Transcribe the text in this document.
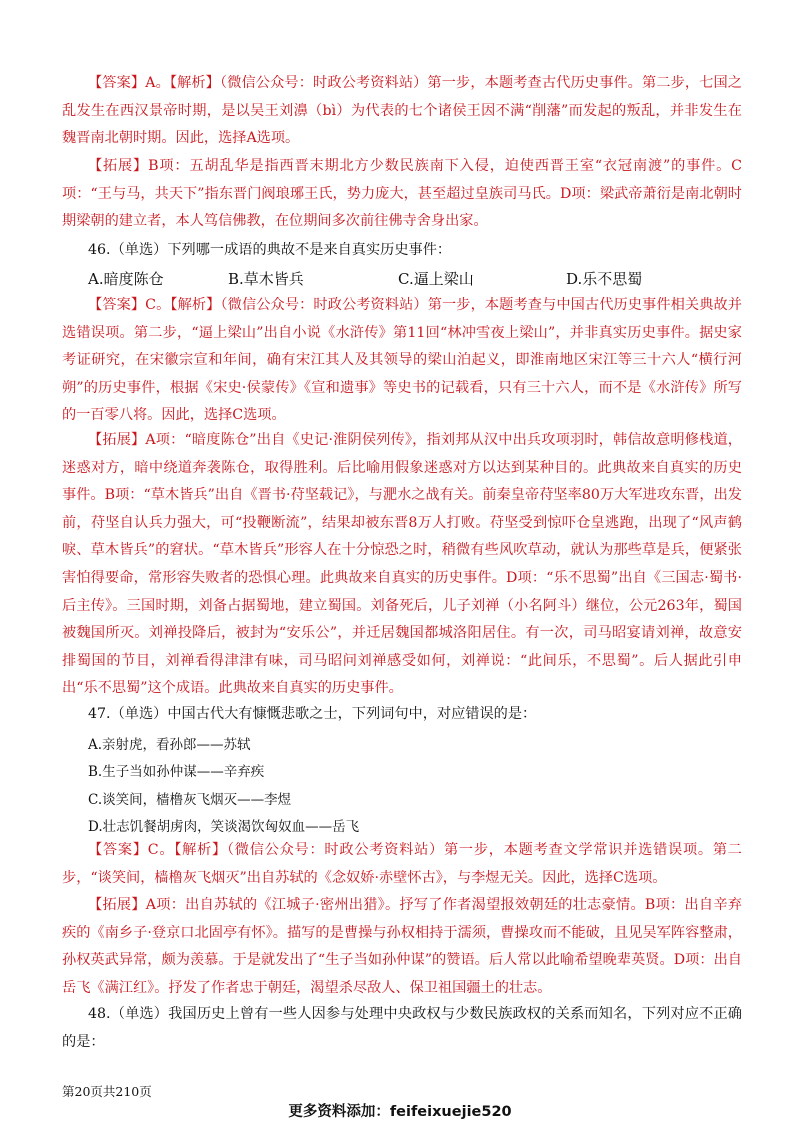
【答案】A。【解析】（微信公众号：时政公考资料站）第一步，本题考查古代历史事件。第二步，七国之乱发生在西汉景帝时期，是以吴王刘濞（bì）为代表的七个诸侯王因不满“削藩”而发起的叛乱，并非发生在魏晋南北朝时期。因此，选择A选项。

【拓展】B项：五胡乱华是指西晋末期北方少数民族南下入侵，迫使西晋王室“衣冠南渡”的事件。C项：“王与马，共天下”指东晋门阀琅琊王氏，势力庞大，甚至超过皇族司马氏。D项：梁武帝萧衍是南北朝时期梁朝的建立者，本人笃信佛教，在位期间多次前往佛寺舍身出家。

46.（单选）下列哪一成语的典故不是来自真实历史事件：

A.暗度陈仓	B.草木皆兵	C.逼上梁山	D.乐不思蜀

【答案】C。【解析】（微信公众号：时政公考资料站）第一步，本题考查与中国古代历史事件相关典故并选错误项。第二步，“逼上梁山”出自小说《水浒传》第11回“林冲雪夜上梁山”，并非真实历史事件。据史家考证研究，在宋徽宗宣和年间，确有宋江其人及其领导的梁山泊起义，即淮南地区宋江等三十六人“横行河朔”的历史事件，根据《宋史·侯蒙传》《宣和遗事》等史书的记载看，只有三十六人，而不是《水浒传》所写的一百零八将。因此，选择C选项。

【拓展】A项：“暗度陈仓”出自《史记·淮阴侯列传》，指刘邦从汉中出兵攻项羽时，韩信故意明修栈道，迷惑对方，暗中绕道奔袭陈仓，取得胜利。后比喻用假象迷惑对方以达到某种目的。此典故来自真实的历史事件。B项：“草木皆兵”出自《晋书·苻坚载记》，与淝水之战有关。前秦皇帝苻坚率80万大军进攻东晋，出发前，苻坚自认兵力强大，可“投鞭断流”，结果却被东晋8万人打败。苻坚受到惊吓仓皇逃跑，出现了“风声鹤唳、草木皆兵”的窘状。“草木皆兵”形容人在十分惊恐之时，稍微有些风吹草动，就认为那些草是兵，便紧张害怕得要命，常形容失败者的恐惧心理。此典故来自真实的历史事件。D项：“乐不思蜀”出自《三国志·蜀书·后主传》。三国时期，刘备占据蜀地，建立蜀国。刘备死后，儿子刘禅（小名阿斗）继位，公元263年，蜀国被魏国所灭。刘禅投降后，被封为“安乐公”，并迁居魏国都城洛阳居住。有一次，司马昭宴请刘禅，故意安排蜀国的节目，刘禅看得津津有味，司马昭问刘禅感受如何，刘禅说：“此间乐，不思蜀”。后人据此引申出“乐不思蜀”这个成语。此典故来自真实的历史事件。

47.（单选）中国古代大有慷慨悲歌之士，下列词句中，对应错误的是：

A.亲射虎，看孙郎——苏轼
B.生子当如孙仲谋——辛弃疾
C.谈笑间，樯橹灰飞烟灭——李煜
D.壮志饥餐胡虏肉，笑谈渴饮匈奴血——岳飞

【答案】C。【解析】（微信公众号：时政公考资料站）第一步，本题考查文学常识并选错误项。第二步，“谈笑间，樯橹灰飞烟灭”出自苏轼的《念奴娇·赤壁怀古》，与李煜无关。因此，选择C选项。

【拓展】A项：出自苏轼的《江城子·密州出猎》。抒写了作者渴望报效朝廷的壮志豪情。B项：出自辛弃疾的《南乡子·登京口北固亭有怀》。描写的是曹操与孙权相持于濡须，曹操攻而不能破，且见吴军阵容整肃，孙权英武异常，颇为羡慕。于是就发出了“生子当如孙仲谋”的赞语。后人常以此喻希望晚辈英贤。D项：出自岳飞《满江红》。抒发了作者忠于朝廷，渴望杀尽敌人、保卫祖国疆土的壮志。

48.（单选）我国历史上曾有一些人因参与处理中央政权与少数民族政权的关系而知名，下列对应不正确的是：

第20页共210页
更多资料添加：feifeixuejie520
